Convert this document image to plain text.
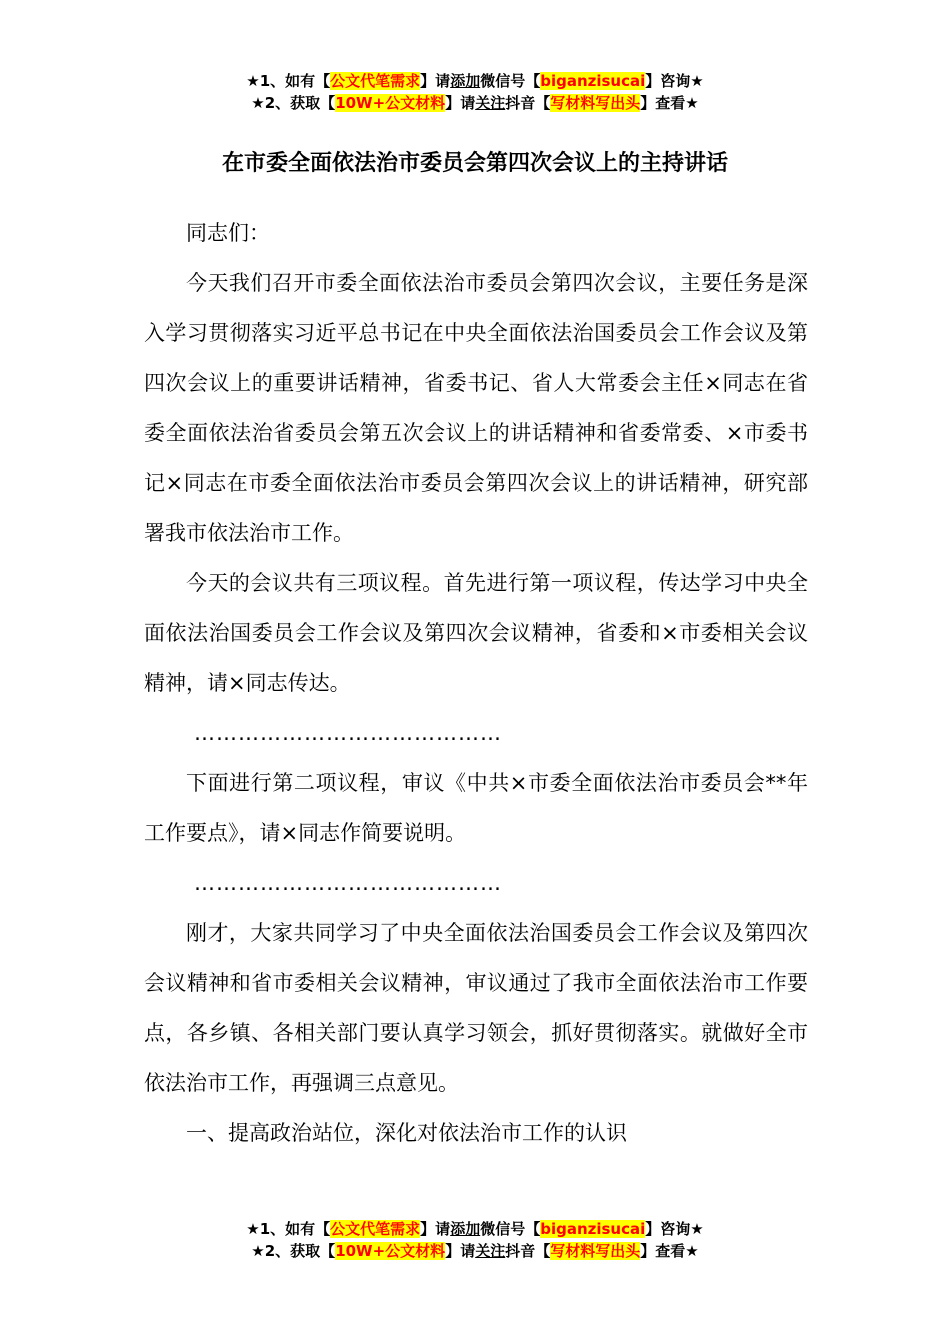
★1、如有【公文代笔需求】请添加微信号【biganzisucai】咨询★
★2、获取【10W+公文材料】请关注抖音【写材料写出头】查看★
在市委全面依法治市委员会第四次会议上的主持讲话

同志们：

今天我们召开市委全面依法治市委员会第四次会议，主要任务是深入学习贯彻落实习近平总书记在中央全面依法治国委员会工作会议及第四次会议上的重要讲话精神，省委书记、省人大常委会主任×同志在省委全面依法治省委员会第五次会议上的讲话精神和省委常委、×市委书记×同志在市委全面依法治市委员会第四次会议上的讲话精神，研究部署我市依法治市工作。

今天的会议共有三项议程。首先进行第一项议程，传达学习中央全面依法治国委员会工作会议及第四次会议精神，省委和×市委相关会议精神，请×同志传达。

……………………………………

下面进行第二项议程，审议《中共×市委全面依法治市委员会**年工作要点》，请×同志作简要说明。

……………………………………

刚才，大家共同学习了中央全面依法治国委员会工作会议及第四次会议精神和省市委相关会议精神，审议通过了我市全面依法治市工作要点，各乡镇、各相关部门要认真学习领会，抓好贯彻落实。就做好全市依法治市工作，再强调三点意见。

一、提高政治站位，深化对依法治市工作的认识

★1、如有【公文代笔需求】请添加微信号【biganzisucai】咨询★
★2、获取【10W+公文材料】请关注抖音【写材料写出头】查看★
